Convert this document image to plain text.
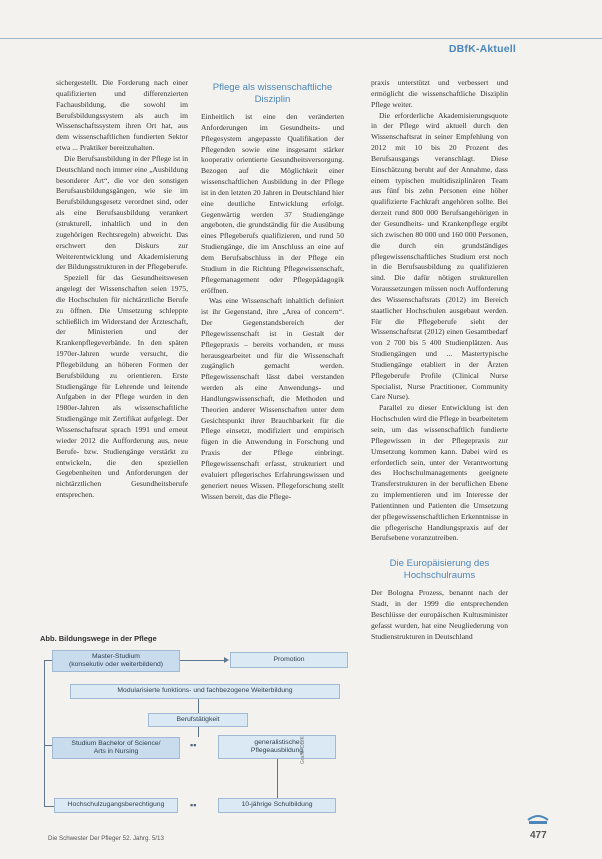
DBfK-Aktuell

sichergestellt. Die Forderung nach einer qualifizierten und differenzierten Fachausbildung, die sowohl im Berufsbildungssystem als auch im Wissenschaftssystem ihren Ort hat, aus dem wissenschaftlichen fundierten Sektor etwa ... Praktiker bereitzuhalten.

Die Berufsausbildung in der Pflege ist in Deutschland noch immer eine „Ausbildung besonderer Art“, die vor den sonstigen Berufsausbildungsgängen, wie sie im Berufsbildungsgesetz verordnet sind, oder als eine Berufsausbildung verankert (strukturell, inhaltlich und in den zugehörigen Rechtsregeln) abweicht. Das erschwert den Diskurs zur Weiterentwicklung und Akademisierung der Bildungsstrukturen in der Pflegeberufe.

Speziell für das Gesundheitswesen angelegt der Wissenschaften seien 1975, die Hochschulen für nichtärztliche Berufe zu öffnen. Die Umsetzung schleppte schließlich im Widerstand der Ärzteschaft, der Ministerien und der Krankenpflegeverbände. In den späten 1970er-Jahren wurde versucht, die Pflegebildung an höheren Formen der Berufsbildung zu orientieren. Erste Studiengänge für Lehrende und leitende Aufgaben in der Pflege wurden in den 1980er-Jahren als wissenschaftliche Studiengänge mit Zertifikat aufgelegt. Der Wissenschaftsrat sprach 1991 und erneut wieder 2012 die Aufforderung aus, neue Berufe- bzw. Studiengänge verstärkt zu entwickeln, die den speziellen Gegebenheiten und Anforderungen der nichtärztlichen Gesundheitsberufe entsprechen.

Pflege als wissenschaftliche Disziplin

Einheitlich ist eine den veränderten Anforderungen im Gesundheits- und Pflegesystem angepasste Qualifikation der Pflegenden sowie eine insgesamt stärker kooperativ orientierte Gesundheitsversorgung. Bezogen auf die Möglichkeit einer wissenschaftlichen Ausbildung in der Pflege ist in den letzten 20 Jahren in Deutschland hier eine deutliche Entwicklung erfolgt. Gegenwärtig werden 37 Studiengänge angeboten, die grundständig für die Ausübung eines Pflegeberufs qualifizieren, und rund 50 Studiengänge, die im Anschluss an eine auf dem Berufsabschluss in der Pflege ein Studium in die Richtung Pflegewissenschaft, Pflegemanagement oder Pflegepädagogik eröffnen.

Was eine Wissenschaft inhaltlich definiert ist ihr Gegenstand, ihre „Area of concern“. Der Gegenstandsbereich der Pflegewissenschaft ist in Gestalt der Pflegepraxis – bereits vorhanden, er muss herausgearbeitet und für die Wissenschaft zugänglich gemacht werden. Pflegewissenschaft lässt dabei verstanden werden als eine Anwendungs- und Handlungswissenschaft, die Methoden und Theorien anderer Wissenschaften unter dem Gesichtspunkt ihrer Brauchbarkeit für die Pflege einsetzt, modifiziert und empirisch fügen in die Anwendung in Forschung und Praxis der Pflege einbringt. Pflegewissenschaft erfasst, strukturiert und evaluiert pflegerisches Erfahrungswissen und generiert neues Wissen. Pflegeforschung stellt Wissen bereit, das die Pflege-

praxis unterstützt und verbessert und ermöglicht die wissenschaftliche Disziplin Pflege weiter.

Die erforderliche Akademisierungsquote in der Pflege wird aktuell durch den Wissenschaftsrat in seiner Empfehlung von 2012 mit 10 bis 20 Prozent des Berufsausgangs veranschlagt. Diese Einschätzung beruht auf der Annahme, dass einem typischen multidisziplinären Team aus fünf bis zehn Personen eine höher qualifizierte Fachkraft angehören sollte. Bei derzeit rund 800 000 Berufsangehörigen in der Gesundheits- und Krankenpflege ergibt sich zwischen 80 000 und 160 000 Personen, die durch ein grundständiges pflegewissenschaftliches Studium erst noch in die Berufsausbildung zu qualifizieren sind. Die dafür nötigen strukturellen Voraussetzungen müssen noch Aufforderung des Wissenschaftsrats (2012) im Bereich staatlicher Hochschulen ausgebaut werden. Für die Pflegeberufe sieht der Wissenschaftsrat (2012) einen Gesamtbedarf von 2 700 bis 5 400 Studienplätzen. Aus Studiengängen und ... Mastertypische Studiengänge etabliert in der Ärzten Pflegeberufe Profile (Clinical Nurse Specialist, Nurse Practitioner, Community Care Nurse).

Parallel zu dieser Entwicklung ist den Hochschulen wird die Pflege in bearbeitetem sein, um das wissenschaftlich fundierte Pflegewissen in der Pflegepraxis zur Umsetzung kommen kann. Dabei wird es erforderlich sein, unter der Verantwortung des Hochschulmanagements geeignete Transferstrukturen in der beruflichen Ebene zu implementieren und im Interesse der Patientinnen und Patienten die Umsetzung der pflegewissenschaftlichen Erkenntnisse in die pflegerische Handlungspraxis auf der Berufsebene voranzutreiben.

Die Europäisierung des Hochschulraums

Der Bologna Prozess, benannt nach der Stadt, in der 1999 die entsprechenden Beschlüsse der europäischen Kultusminister gefasst wurden, hat eine Neugliederung von Studienstrukturen in Deutschland

Abb. Bildungswege in der Pflege
Master-Studium
(konsekutiv oder weiterbildend)
Promotion
Modularisierte funktions- und fachbezogene Weiterbildung
Berufstätigkeit
Studium Bachelor of Science/
Arts in Nursing
▪▪	generalistische
Pflegeausbildung
Hochschulzugangsberechtigung	▪▪	10-jährige Schulbildung
Grafik: DBfK
Die Schwester Der Pfleger 52. Jahrg. 5/13	477
